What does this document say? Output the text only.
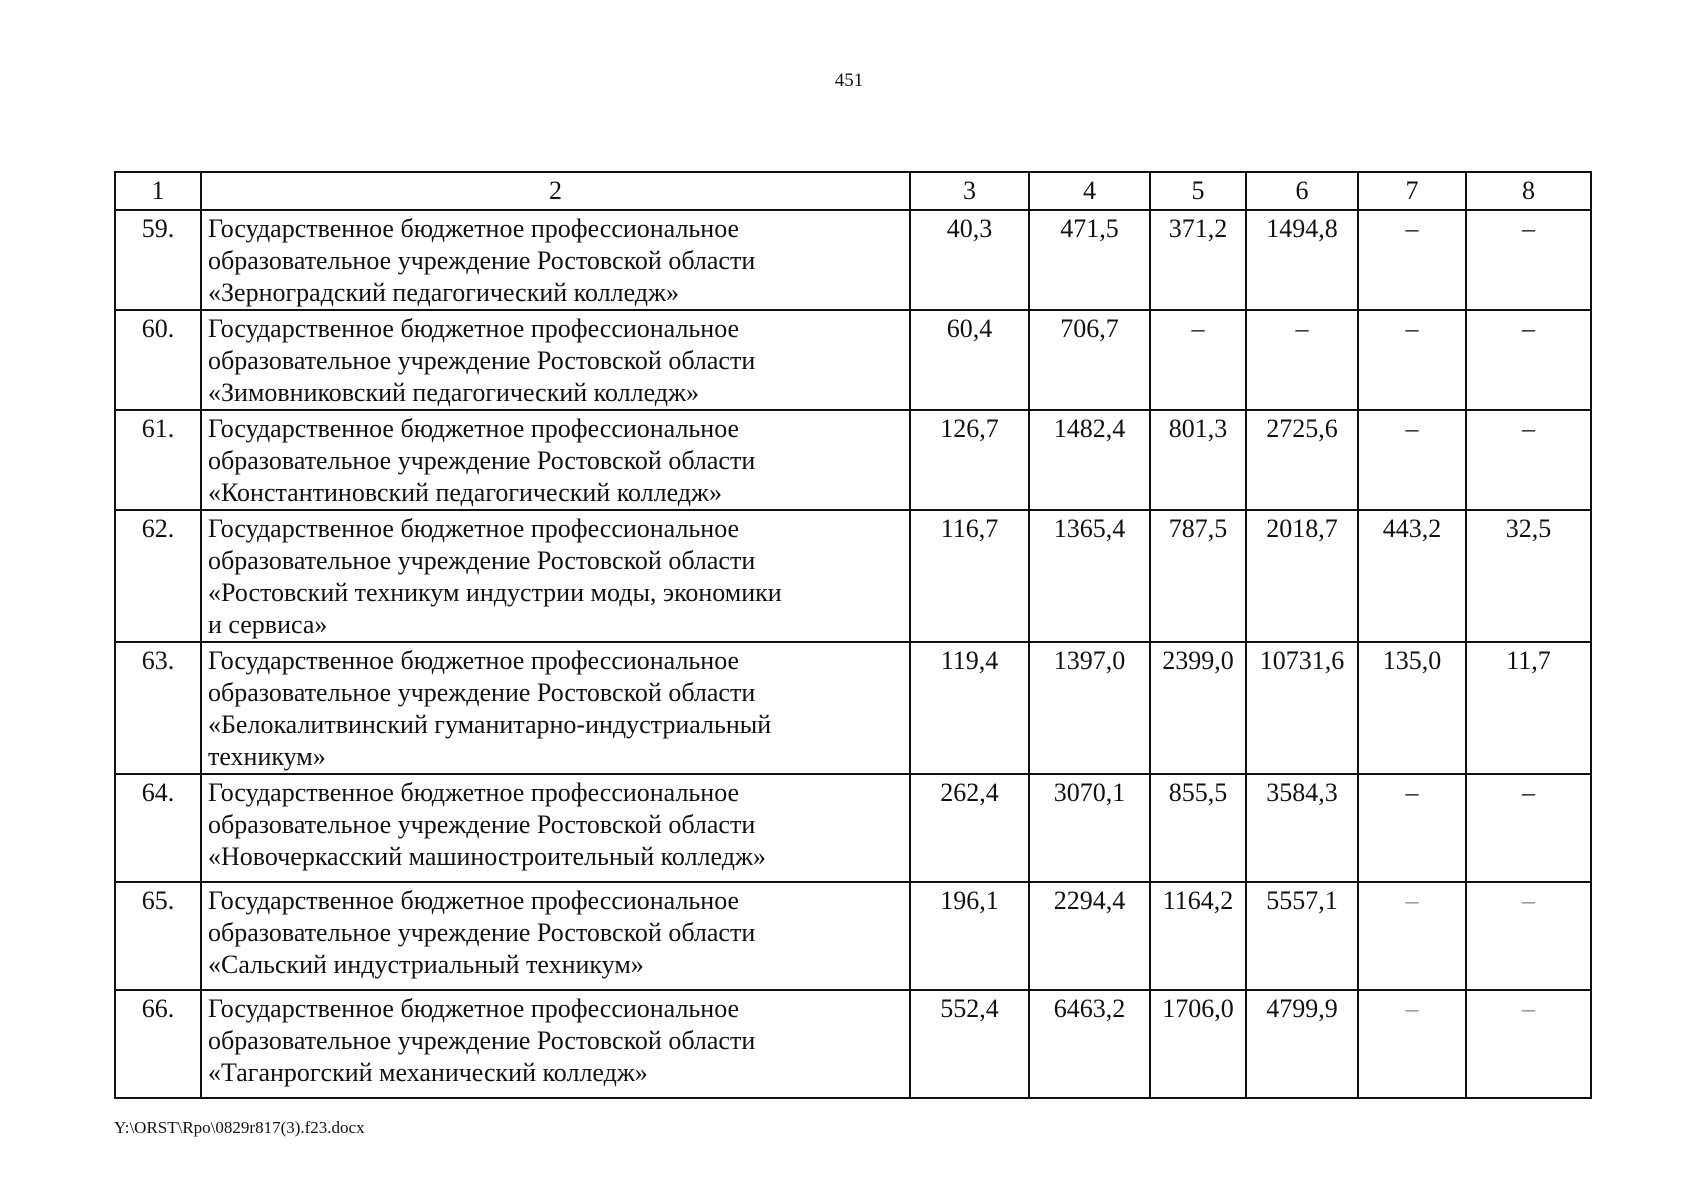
451
1	2	3	4	5	6	7	8
59.	Государственное бюджетное профессиональное
образовательное учреждение Ростовской области
«Зерноградский педагогический колледж»	40,3	471,5	371,2	1494,8	–	–
60.	Государственное бюджетное профессиональное
образовательное учреждение Ростовской области
«Зимовниковский педагогический колледж»	60,4	706,7	–	–	–	–
61.	Государственное бюджетное профессиональное
образовательное учреждение Ростовской области
«Константиновский педагогический колледж»	126,7	1482,4	801,3	2725,6	–	–
62.	Государственное бюджетное профессиональное
образовательное учреждение Ростовской области
«Ростовский техникум индустрии моды, экономики
и сервиса»	116,7	1365,4	787,5	2018,7	443,2	32,5
63.	Государственное бюджетное профессиональное
образовательное учреждение Ростовской области
«Белокалитвинский гуманитарно-индустриальный
техникум»	119,4	1397,0	2399,0	10731,6	135,0	11,7
64.	Государственное бюджетное профессиональное
образовательное учреждение Ростовской области
«Новочеркасский машиностроительный колледж»	262,4	3070,1	855,5	3584,3	–	–
65.	Государственное бюджетное профессиональное
образовательное учреждение Ростовской области
«Сальский индустриальный техникум»	196,1	2294,4	1164,2	5557,1	–	–
66.	Государственное бюджетное профессиональное
образовательное учреждение Ростовской области
«Таганрогский механический колледж»	552,4	6463,2	1706,0	4799,9	–	–
Y:\ORST\Rpo\0829r817(3).f23.docx
